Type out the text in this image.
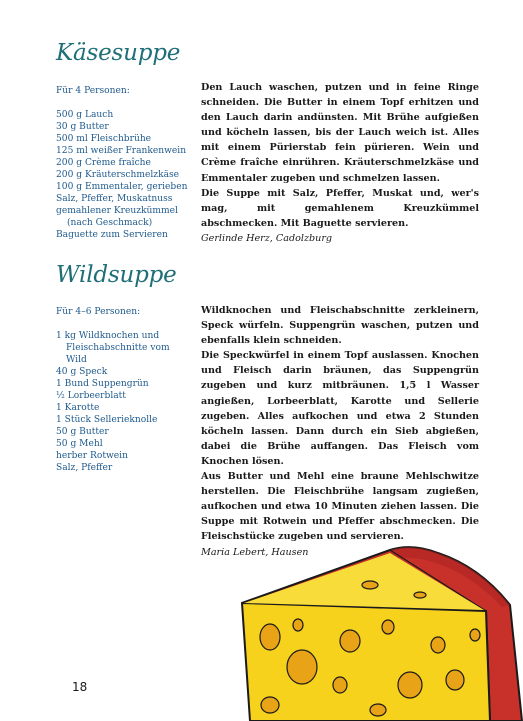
Käsesuppe
Für 4 Personen:
500 g Lauch
30 g Butter
500 ml Fleischbrühe
125 ml weißer Frankenwein
200 g Crème fraîche
200 g Kräuterschmelzkäse
100 g Emmentaler, gerieben
Salz, Pfeffer, Muskatnuss
gemahlener Kreuzkümmel
(nach Geschmack)
Baguette zum Servieren

Den Lauch waschen, putzen und in feine Ringe schneiden. Die Butter in einem Topf erhitzen und den Lauch darin andünsten. Mit Brühe aufgießen und köcheln lassen, bis der Lauch weich ist. Alles mit einem Pürierstab fein pürieren. Wein und Crème fraîche einrühren. Kräuterschmelzkäse und Emmentaler zugeben und schmelzen lassen.

Die Suppe mit Salz, Pfeffer, Muskat und, wer's mag, mit gemahlenem Kreuzkümmel abschmecken. Mit Baguette servieren.

Gerlinde Herz, Cadolzburg

Wildsuppe
Für 4–6 Personen:
1 kg Wildknochen und Fleischabschnitte vom Wild
40 g Speck
1 Bund Suppengrün
½ Lorbeerblatt
1 Karotte
1 Stück Sellerieknolle
50 g Butter
50 g Mehl
herber Rotwein
Salz, Pfeffer

Wildknochen und Fleischabschnitte zerkleinern, Speck würfeln. Suppengrün waschen, putzen und ebenfalls klein schneiden.

Die Speckwürfel in einem Topf auslassen. Knochen und Fleisch darin bräunen, das Suppengrün zugeben und kurz mitbräunen. 1,5 l Wasser angießen, Lorbeerblatt, Karotte und Sellerie zugeben. Alles aufkochen und etwa 2 Stunden köcheln lassen. Dann durch ein Sieb abgießen, dabei die Brühe auffangen. Das Fleisch vom Knochen lösen.

Aus Butter und Mehl eine braune Mehlschwitze herstellen. Die Fleischbrühe langsam zugießen, aufkochen und etwa 10 Minuten ziehen lassen. Die Suppe mit Rotwein und Pfeffer abschmecken. Die Fleischstücke zugeben und servieren.

Maria Lebert, Hausen

18
